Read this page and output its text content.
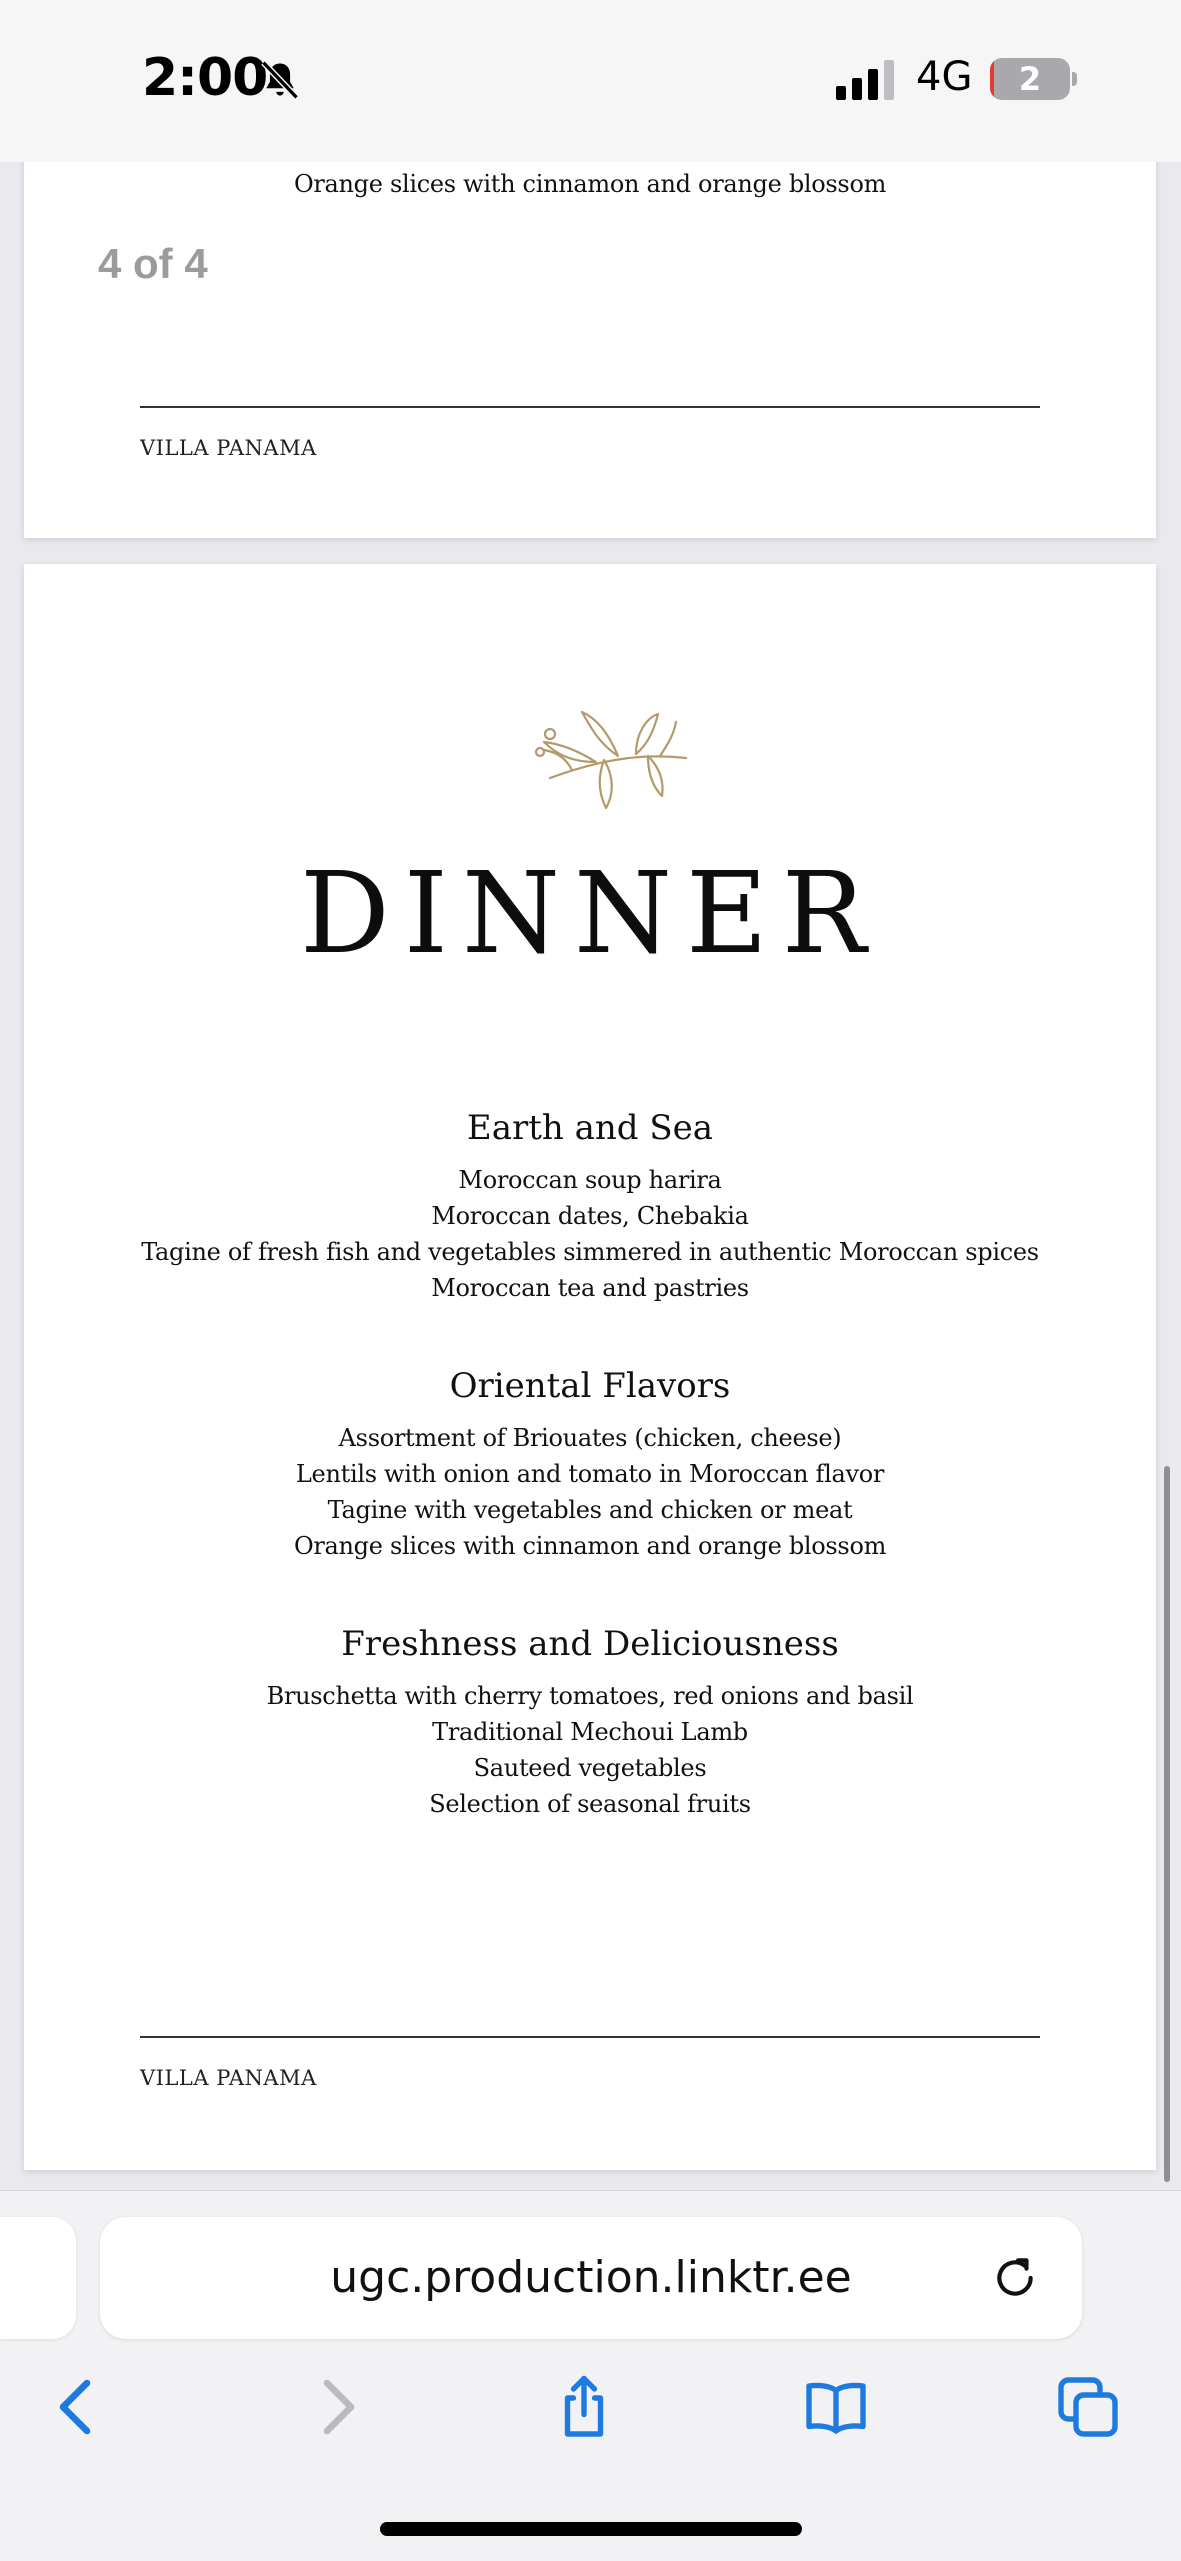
2:00	4G	2
Orange slices with cinnamon and orange blossom
4 of 4
VILLA PANAMA
DINNER
Earth and Sea
Moroccan soup harira
Moroccan dates, Chebakia
Tagine of fresh fish and vegetables simmered in authentic Moroccan spices
Moroccan tea and pastries
Oriental Flavors
Assortment of Briouates (chicken, cheese)
Lentils with onion and tomato in Moroccan flavor
Tagine with vegetables and chicken or meat
Orange slices with cinnamon and orange blossom
Freshness and Deliciousness
Bruschetta with cherry tomatoes, red onions and basil
Traditional Mechoui Lamb
Sauteed vegetables
Selection of seasonal fruits
VILLA PANAMA
ugc.production.linktr.ee
